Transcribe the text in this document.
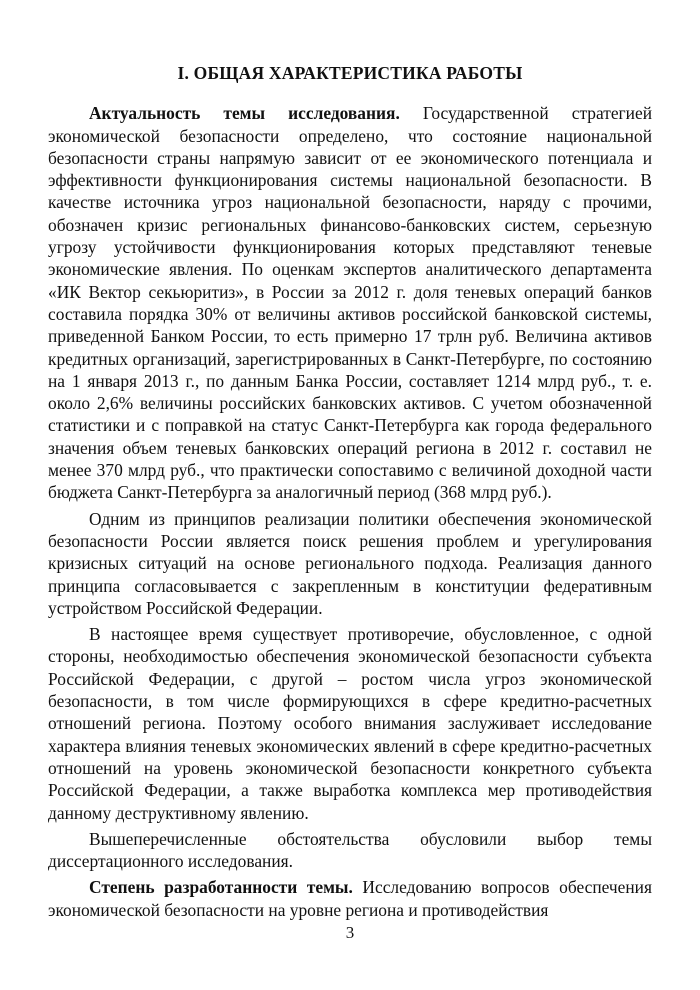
I. ОБЩАЯ ХАРАКТЕРИСТИКА РАБОТЫ

Актуальность темы исследования. Государственной стратегией экономической безопасности определено, что состояние национальной безопасности страны напрямую зависит от ее экономического потенциала и эффективности функционирования системы национальной безопасности. В качестве источника угроз национальной безопасности, наряду с прочими, обозначен кризис региональных финансово-банковских систем, серьезную угрозу устойчивости функционирования которых представляют теневые экономические явления. По оценкам экспертов аналитического департамента «ИК Вектор секьюритиз», в России за 2012 г. доля теневых операций банков составила порядка 30% от величины активов российской банковской системы, приведенной Банком России, то есть примерно 17 трлн руб. Величина активов кредитных организаций, зарегистрированных в Санкт-Петербурге, по состоянию на 1 января 2013 г., по данным Банка России, составляет 1214 млрд руб., т. е. около 2,6% величины российских банковских активов. С учетом обозначенной статистики и с поправкой на статус Санкт-Петербурга как города федерального значения объем теневых банковских операций региона в 2012 г. составил не менее 370 млрд руб., что практически сопоставимо с величиной доходной части бюджета Санкт-Петербурга за аналогичный период (368 млрд руб.).

Одним из принципов реализации политики обеспечения экономической безопасности России является поиск решения проблем и урегулирования кризисных ситуаций на основе регионального подхода. Реализация данного принципа согласовывается с закрепленным в конституции федеративным устройством Российской Федерации.

В настоящее время существует противоречие, обусловленное, с одной стороны, необходимостью обеспечения экономической безопасности субъекта Российской Федерации, с другой – ростом числа угроз экономической безопасности, в том числе формирующихся в сфере кредитно-расчетных отношений региона. Поэтому особого внимания заслуживает исследование характера влияния теневых экономических явлений в сфере кредитно-расчетных отношений на уровень экономической безопасности конкретного субъекта Российской Федерации, а также выработка комплекса мер противодействия данному деструктивному явлению.

Вышеперечисленные обстоятельства обусловили выбор темы диссертационного исследования.

Степень разработанности темы. Исследованию вопросов обеспечения экономической безопасности на уровне региона и противодействия

3
